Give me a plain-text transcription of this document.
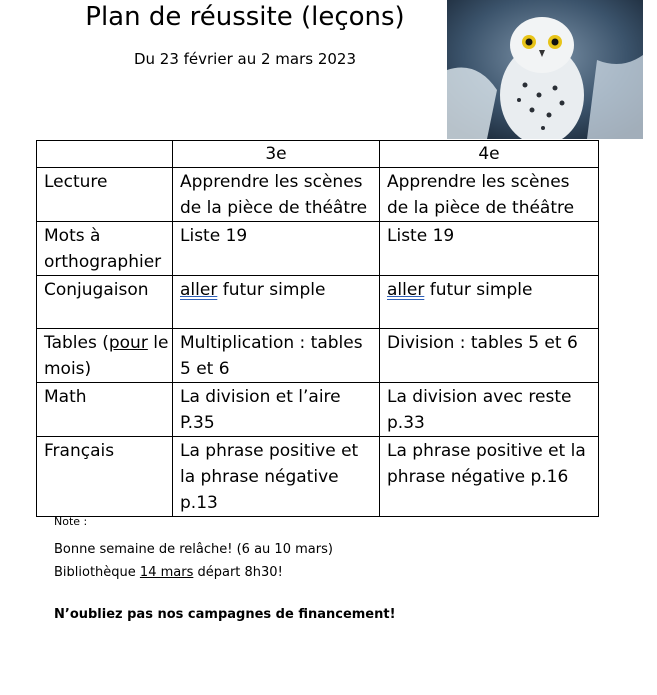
Plan de réussite (leçons)
Du 23 février au 2 mars 2023
	3e	4e
Lecture	Apprendre les scènes de la pièce de théâtre	Apprendre les scènes de la pièce de théâtre
Mots à orthographier	Liste 19	Liste 19
Conjugaison	aller futur simple	aller futur simple
Tables (pour le mois)	Multiplication : tables 5 et 6	Division : tables 5 et 6
Math	La division et l’aire P.35	La division avec reste p.33
Français	La phrase positive et la phrase négative p.13	La phrase positive et la phrase négative p.16
Note :
Bonne semaine de relâche! (6 au 10 mars)
Bibliothèque 14 mars départ 8h30!
N’oubliez pas nos campagnes de financement!
